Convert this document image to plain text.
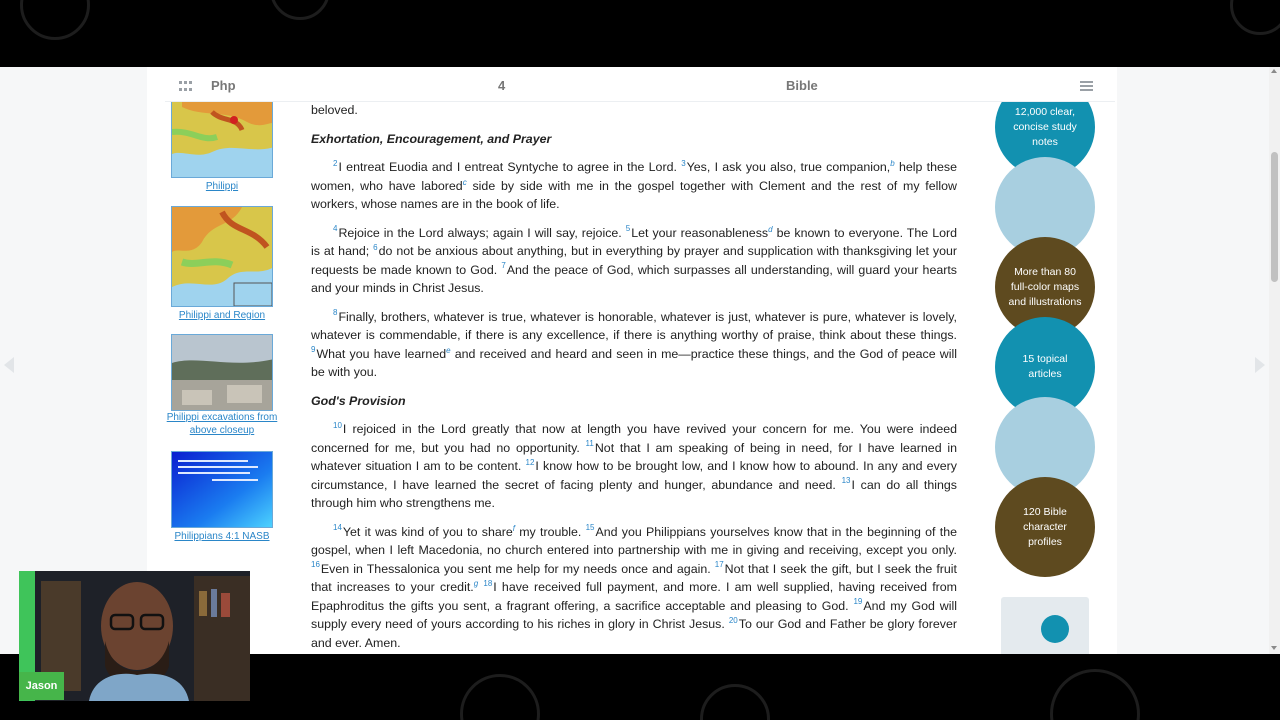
Philippi
Philippi and Region
Philippi excavations from above closeup
Philippians 4:1 NASB

beloved.

Exhortation, Encouragement, and Prayer

$^2$I entreat Euodia and I entreat Syntyche to agree in the Lord. $^3$Yes, I ask you also, true companion,$^b$ help these women, who have labored$^c$ side by side with me in the gospel together with Clement and the rest of my fellow workers, whose names are in the book of life.

$^4$Rejoice in the Lord always; again I will say, rejoice. $^5$Let your reasonableness$^d$ be known to everyone. The Lord is at hand; $^6$do not be anxious about anything, but in everything by prayer and supplication with thanksgiving let your requests be made known to God. $^7$And the peace of God, which surpasses all understanding, will guard your hearts and your minds in Christ Jesus.

$^8$Finally, brothers, whatever is true, whatever is honorable, whatever is just, whatever is pure, whatever is lovely, whatever is commendable, if there is any excellence, if there is anything worthy of praise, think about these things. $^9$What you have learned$^e$ and received and heard and seen in me—practice these things, and the God of peace will be with you.

God's Provision

$^{10}$I rejoiced in the Lord greatly that now at length you have revived your concern for me. You were indeed concerned for me, but you had no opportunity. $^{11}$Not that I am speaking of being in need, for I have learned in whatever situation I am to be content. $^{12}$I know how to be brought low, and I know how to abound. In any and every circumstance, I have learned the secret of facing plenty and hunger, abundance and need. $^{13}$I can do all things through him who strengthens me.

$^{14}$Yet it was kind of you to share$^f$ my trouble. $^{15}$And you Philippians yourselves know that in the beginning of the gospel, when I left Macedonia, no church entered into partnership with me in giving and receiving, except you only. $^{16}$Even in Thessalonica you sent me help for my needs once and again. $^{17}$Not that I seek the gift, but I seek the fruit that increases to your credit.$^g$ $^{18}$I have received full payment, and more. I am well supplied, having received from Epaphroditus the gifts you sent, a fragrant offering, a sacrifice acceptable and pleasing to God. $^{19}$And my God will supply every need of yours according to his riches in glory in Christ Jesus. $^{20}$To our God and Father be glory forever and ever. Amen.

12,000 clear, concise study notes
More than 80 full-color maps and illustrations
15 topical articles
120 Bible character profiles
Php	4	Bible
Jason
